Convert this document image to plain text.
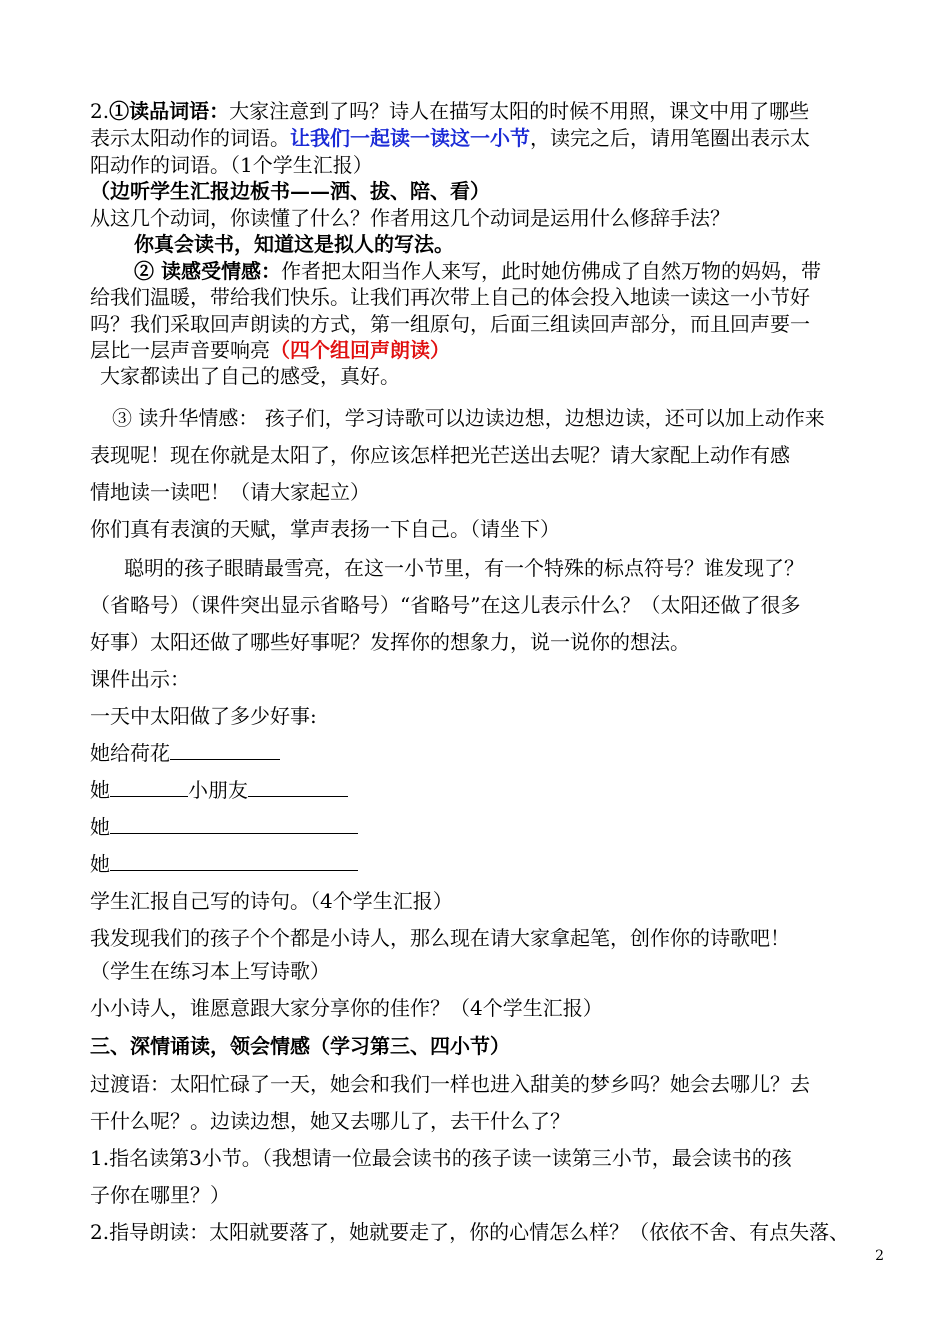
2.①读品词语：大家注意到了吗？诗人在描写太阳的时候不用照，课文中用了哪些
表示太阳动作的词语。让我们一起读一读这一小节，读完之后，请用笔圈出表示太
阳动作的词语。（1个学生汇报）
（边听学生汇报边板书——洒、拔、陪、看）
从这几个动词，你读懂了什么？作者用这几个动词是运用什么修辞手法？
你真会读书，知道这是拟人的写法。
② 读感受情感：作者把太阳当作人来写，此时她仿佛成了自然万物的妈妈，带
给我们温暖，带给我们快乐。让我们再次带上自己的体会投入地读一读这一小节好
吗？我们采取回声朗读的方式，第一组原句，后面三组读回声部分，而且回声要一
层比一层声音要响亮（四个组回声朗读）
大家都读出了自己的感受，真好。
③ 读升华情感： 孩子们，学习诗歌可以边读边想，边想边读，还可以加上动作来
表现呢！现在你就是太阳了，你应该怎样把光芒送出去呢？请大家配上动作有感
情地读一读吧！（请大家起立）
你们真有表演的天赋，掌声表扬一下自己。（请坐下）
聪明的孩子眼睛最雪亮，在这一小节里，有一个特殊的标点符号？谁发现了？
（省略号）（课件突出显示省略号）“省略号”在这儿表示什么？（太阳还做了很多
好事）太阳还做了哪些好事呢？发挥你的想象力，说一说你的想法。
课件出示：
一天中太阳做了多少好事:
她给荷花
她	小朋友
她
她
学生汇报自己写的诗句。（4个学生汇报）
我发现我们的孩子个个都是小诗人，那么现在请大家拿起笔，创作你的诗歌吧！
（学生在练习本上写诗歌）
小小诗人，谁愿意跟大家分享你的佳作？（4个学生汇报）
三、深情诵读，领会情感（学习第三、四小节）
过渡语：太阳忙碌了一天，她会和我们一样也进入甜美的梦乡吗？她会去哪儿？去
干什么呢？。边读边想，她又去哪儿了，去干什么了？
1.指名读第3小节。（我想请一位最会读书的孩子读一读第三小节，最会读书的孩
子你在哪里？）
2.指导朗读：太阳就要落了，她就要走了，你的心情怎么样？（依依不舍、有点失落、
2
